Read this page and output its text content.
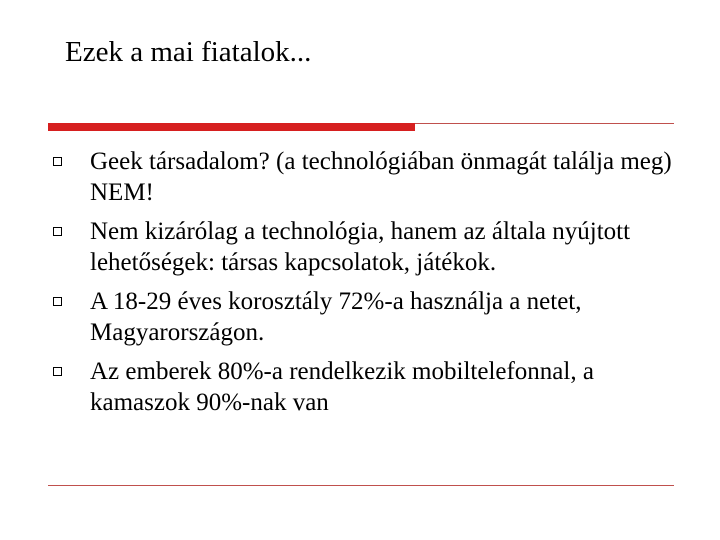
Ezek a mai fiatalok...
Geek társadalom? (a technológiában önmagát találja meg) NEM!
Nem kizárólag a technológia, hanem az általa nyújtott lehetőségek: társas kapcsolatok, játékok.
A 18-29 éves korosztály 72%-a használja a netet, Magyarországon.
Az emberek 80%-a rendelkezik mobiltelefonnal, a kamaszok 90%-nak van
